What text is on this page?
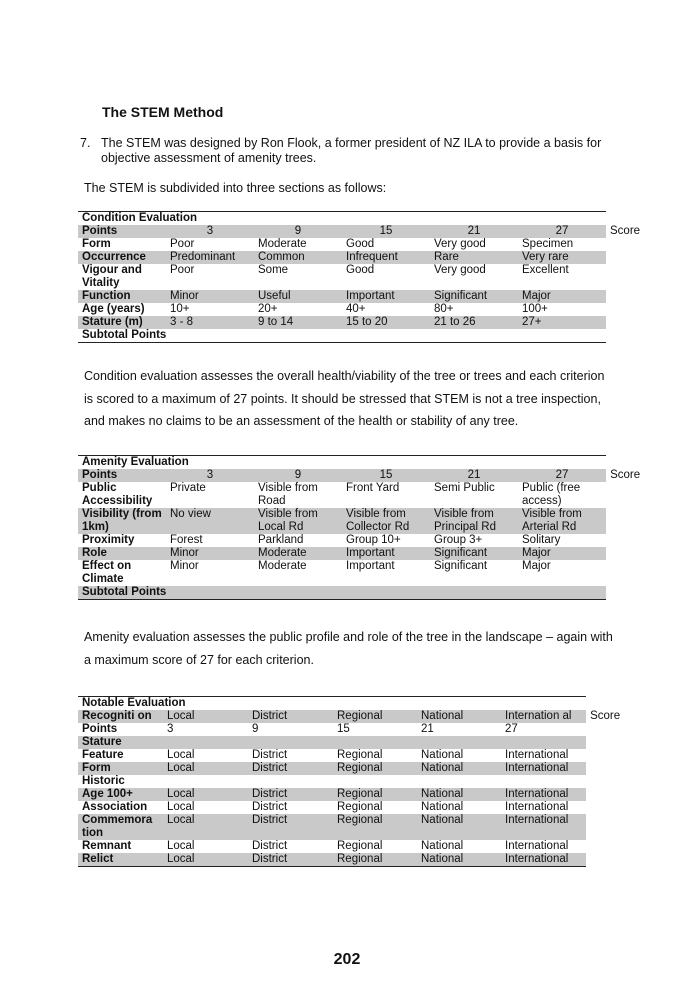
The STEM Method
7. The STEM was designed by Ron Flook, a former president of NZ ILA to provide a basis for objective assessment of amenity trees.
The STEM is subdivided into three sections as follows:
Condition Evaluation						
Points	3	9	15	21	27	Score
Form	Poor	Moderate	Good	Very good	Specimen	
Occurrence	Predominant	Common	Infrequent	Rare	Very rare	
Vigour and Vitality	Poor	Some	Good	Very good	Excellent	
Function	Minor	Useful	Important	Significant	Major	
Age (years)	10+	20+	40+	80+	100+	
Stature (m)	3 - 8	9 to 14	15 to 20	21 to 26	27+	
Subtotal Points						
Condition evaluation assesses the overall health/viability of the tree or trees and each criterion is scored to a maximum of 27 points. It should be stressed that STEM is not a tree inspection, and makes no claims to be an assessment of the health or stability of any tree.
Amenity Evaluation						
Points	3	9	15	21	27	Score
Public Accessibility	Private	Visible from Road	Front Yard	Semi Public	Public (free access)	
Visibility (from 1km)	No view	Visible from Local Rd	Visible from Collector Rd	Visible from Principal Rd	Visible from Arterial Rd	
Proximity	Forest	Parkland	Group 10+	Group 3+	Solitary	
Role	Minor	Moderate	Important	Significant	Major	
Effect on Climate	Minor	Moderate	Important	Significant	Major	
Subtotal Points						
Amenity evaluation assesses the public profile and role of the tree in the landscape – again with a maximum score of 27 for each criterion.
Notable Evaluation						
Recogniti on	Local	District	Regional	National	Internation al	Score
Points	3	9	15	21	27	
Stature						
Feature	Local	District	Regional	National	International	
Form	Local	District	Regional	National	International	
Historic						
Age 100+	Local	District	Regional	National	International	
Association	Local	District	Regional	National	International	
Commemora tion	Local	District	Regional	National	International	
Remnant	Local	District	Regional	National	International	
Relict	Local	District	Regional	National	International	
202
